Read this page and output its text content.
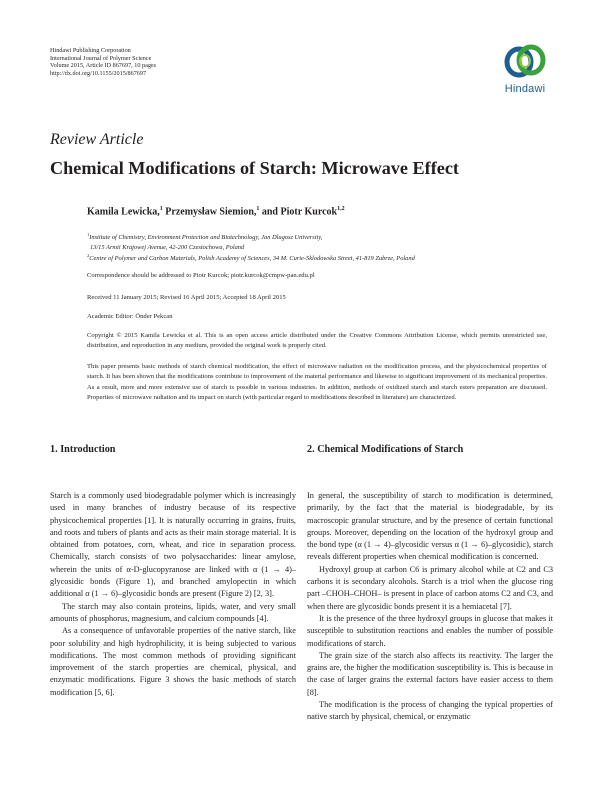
Hindawi Publishing Corporation
International Journal of Polymer Science
Volume 2015, Article ID 867697, 10 pages
http://dx.doi.org/10.1155/2015/867697
Hindawi
Review Article
Chemical Modifications of Starch: Microwave Effect
Kamila Lewicka,$^1$ Przemysław Siemion,$^1$ and Piotr Kurcok$^{1,2}$
$^1$Institute of Chemistry, Environment Protection and Biotechnology, Jan Dlugosz University,
13/15 Armii Krajowej Avenue, 42-200 Czestochowa, Poland
$^2$Centre of Polymer and Carbon Materials, Polish Academy of Sciences, 34 M. Curie-Sklodowska Street, 41-819 Zabrze, Poland
Correspondence should be addressed to Piotr Kurcok; piotr.kurcok@cmpw-pan.edu.pl
Received 11 January 2015; Revised 16 April 2015; Accepted 18 April 2015
Academic Editor: Önder Pekcan
Copyright © 2015 Kamila Lewicka et al. This is an open access article distributed under the Creative Commons Attribution License, which permits unrestricted use, distribution, and reproduction in any medium, provided the original work is properly cited.
This paper presents basic methods of starch chemical modification, the effect of microwave radiation on the modification process, and the physicochemical properties of starch. It has been shown that the modifications contribute to improvement of the material performance and likewise to significant improvement of its mechanical properties. As a result, more and more extensive use of starch is possible in various industries. In addition, methods of oxidized starch and starch esters preparation are discussed. Properties of microwave radiation and its impact on starch (with particular regard to modifications described in literature) are characterized.
1. Introduction

Starch is a commonly used biodegradable polymer which is increasingly used in many branches of industry because of its respective physicochemical properties [1]. It is naturally occurring in grains, fruits, and roots and tubers of plants and acts as their main storage material. It is obtained from potatoes, corn, wheat, and rice in separation process. Chemically, starch consists of two polysaccharides: linear amylose, wherein the units of α-D-glucopyranose are linked with α (1 → 4)–glycosidic bonds (Figure 1), and branched amylopectin in which additional α (1 → 6)–glycosidic bonds are present (Figure 2) [2, 3].

The starch may also contain proteins, lipids, water, and very small amounts of phosphorus, magnesium, and calcium compounds [4].

As a consequence of unfavorable properties of the native starch, like poor solubility and high hydrophilicity, it is being subjected to various modifications. The most common methods of providing significant improvement of the starch properties are chemical, physical, and enzymatic modifications. Figure 3 shows the basic methods of starch modification [5, 6].

2. Chemical Modifications of Starch

In general, the susceptibility of starch to modification is determined, primarily, by the fact that the material is biodegradable, by its macroscopic granular structure, and by the presence of certain functional groups. Moreover, depending on the location of the hydroxyl group and the bond type (α (1 → 4)–glycosidic versus α (1 → 6)–glycosidic), starch reveals different properties when chemical modification is concerned.

Hydroxyl group at carbon C6 is primary alcohol while at C2 and C3 carbons it is secondary alcohols. Starch is a triol when the glucose ring part –CHOH–CHOH– is present in place of carbon atoms C2 and C3, and when there are glycosidic bonds present it is a hemiacetal [7].

It is the presence of the three hydroxyl groups in glucose that makes it susceptible to substitution reactions and enables the number of possible modifications of starch.

The grain size of the starch also affects its reactivity. The larger the grains are, the higher the modification susceptibility is. This is because in the case of larger grains the external factors have easier access to them [8].

The modification is the process of changing the typical properties of native starch by physical, chemical, or enzymatic
